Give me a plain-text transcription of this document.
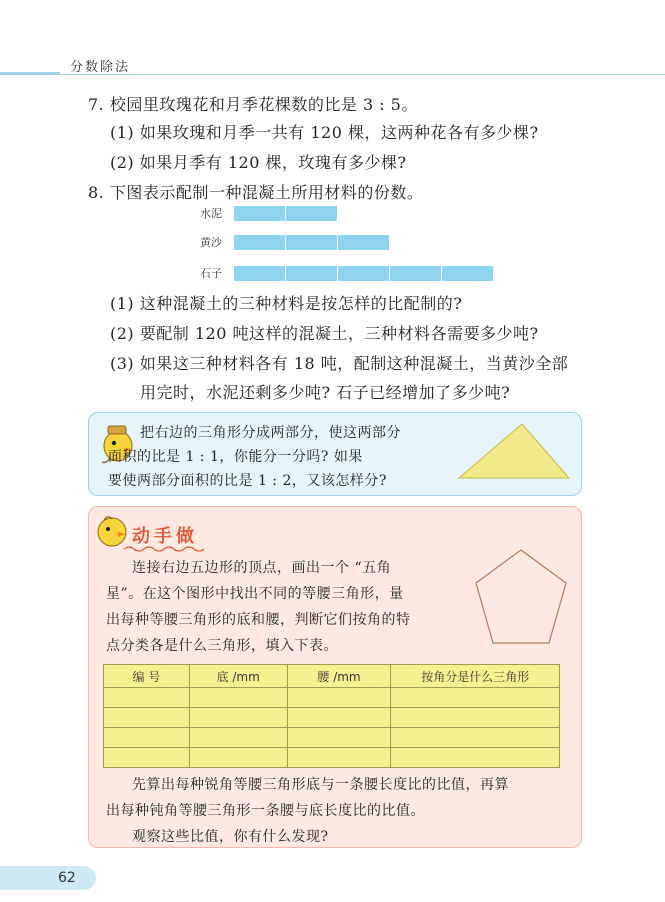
分数除法
7. 校园里玫瑰花和月季花棵数的比是 3 : 5。
(1) 如果玫瑰和月季一共有 120 棵，这两种花各有多少棵?
(2) 如果月季有 120 棵，玫瑰有多少棵?
8. 下图表示配制一种混凝土所用材料的份数。
水泥
黄沙
石子
(1) 这种混凝土的三种材料是按怎样的比配制的?
(2) 要配制 120 吨这样的混凝土，三种材料各需要多少吨?
(3) 如果这三种材料各有 18 吨，配制这种混凝土，当黄沙全部
用完时，水泥还剩多少吨? 石子已经增加了多少吨?
把右边的三角形分成两部分，使这两部分
面积的比是 1 : 1，你能分一分吗? 如果
要使两部分面积的比是 1 : 2，又该怎样分?
动手做
连接右边五边形的顶点，画出一个 “五角
星”。在这个图形中找出不同的等腰三角形，量
出每种等腰三角形的底和腰，判断它们按角的特
点分类各是什么三角形，填入下表。
编 号	底 /mm	腰 /mm	按角分是什么三角形

先算出每种锐角等腰三角形底与一条腰长度比的比值，再算
出每种钝角等腰三角形一条腰与底长度比的比值。
观察这些比值，你有什么发现?
62
